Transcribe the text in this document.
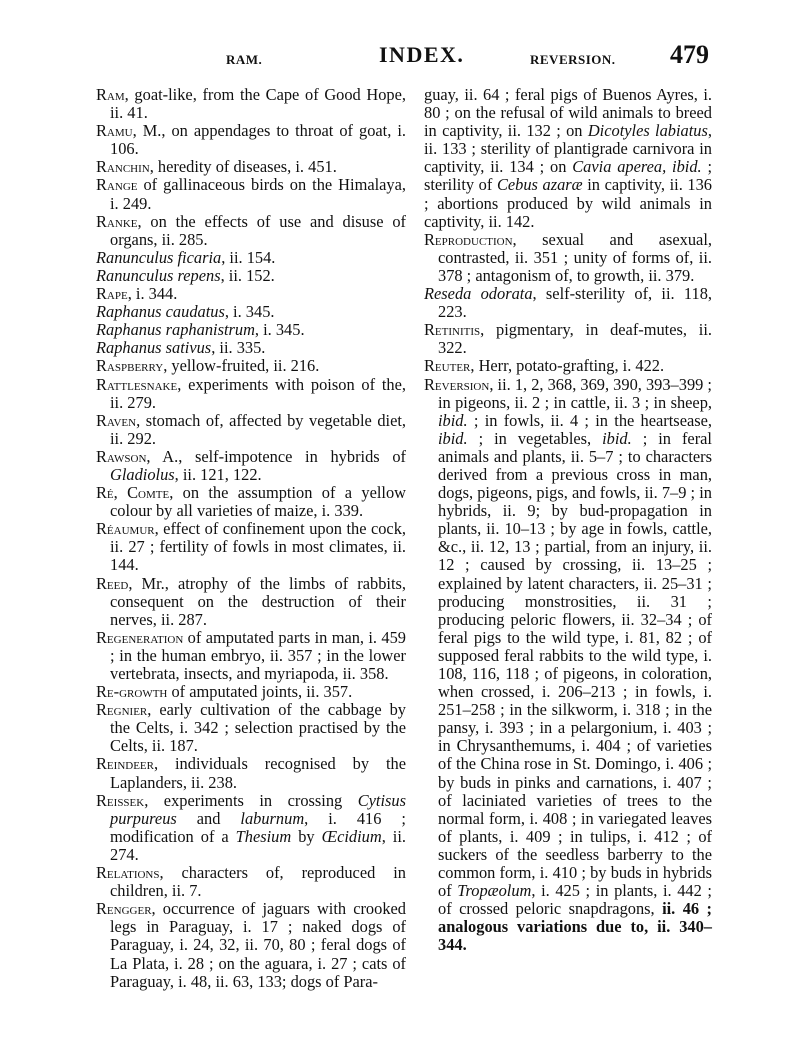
RAM.	INDEX.	REVERSION. 479

Ram, goat-like, from the Cape of Good Hope, ii. 41.

Ramu, M., on appendages to throat of goat, i. 106.

Ranchin, heredity of diseases, i. 451.

Range of gallinaceous birds on the Himalaya, i. 249.

Ranke, on the effects of use and disuse of organs, ii. 285.

Ranunculus ficaria, ii. 154.

Ranunculus repens, ii. 152.

Rape, i. 344.

Raphanus caudatus, i. 345.

Raphanus raphanistrum, i. 345.

Raphanus sativus, ii. 335.

Raspberry, yellow-fruited, ii. 216.

Rattlesnake, experiments with poison of the, ii. 279.

Raven, stomach of, affected by vegetable diet, ii. 292.

Rawson, A., self-impotence in hybrids of Gladiolus, ii. 121, 122.

Ré, Comte, on the assumption of a yellow colour by all varieties of maize, i. 339.

Réaumur, effect of confinement upon the cock, ii. 27 ; fertility of fowls in most climates, ii. 144.

Reed, Mr., atrophy of the limbs of rabbits, consequent on the destruction of their nerves, ii. 287.

Regeneration of amputated parts in man, i. 459 ; in the human embryo, ii. 357 ; in the lower vertebrata, insects, and myriapoda, ii. 358.

Re-growth of amputated joints, ii. 357.

Regnier, early cultivation of the cabbage by the Celts, i. 342 ; selection practised by the Celts, ii. 187.

Reindeer, individuals recognised by the Laplanders, ii. 238.

Reissek, experiments in crossing Cytisus purpureus and laburnum, i. 416 ; modification of a Thesium by Œcidium, ii. 274.

Relations, characters of, reproduced in children, ii. 7.

Rengger, occurrence of jaguars with crooked legs in Paraguay, i. 17 ; naked dogs of Paraguay, i. 24, 32, ii. 70, 80 ; feral dogs of La Plata, i. 28 ; on the aguara, i. 27 ; cats of Paraguay, i. 48, ii. 63, 133; dogs of Para-

guay, ii. 64 ; feral pigs of Buenos Ayres, i. 80 ; on the refusal of wild animals to breed in captivity, ii. 132 ; on Dicotyles labiatus, ii. 133 ; sterility of plantigrade carnivora in captivity, ii. 134 ; on Cavia aperea, ibid. ; sterility of Cebus azaræ in captivity, ii. 136 ; abortions produced by wild animals in captivity, ii. 142.

Reproduction, sexual and asexual, contrasted, ii. 351 ; unity of forms of, ii. 378 ; antagonism of, to growth, ii. 379.

Reseda odorata, self-sterility of, ii. 118, 223.

Retinitis, pigmentary, in deaf-mutes, ii. 322.

Reuter, Herr, potato-grafting, i. 422.

Reversion, ii. 1, 2, 368, 369, 390, 393–399 ; in pigeons, ii. 2 ; in cattle, ii. 3 ; in sheep, ibid. ; in fowls, ii. 4 ; in the heartsease, ibid. ; in vegetables, ibid. ; in feral animals and plants, ii. 5–7 ; to characters derived from a previous cross in man, dogs, pigeons, pigs, and fowls, ii. 7–9 ; in hybrids, ii. 9; by bud-propagation in plants, ii. 10–13 ; by age in fowls, cattle, &c., ii. 12, 13 ; partial, from an injury, ii. 12 ; caused by crossing, ii. 13–25 ; explained by latent characters, ii. 25–31 ; producing monstrosities, ii. 31 ; producing peloric flowers, ii. 32–34 ; of feral pigs to the wild type, i. 81, 82 ; of supposed feral rabbits to the wild type, i. 108, 116, 118 ; of pigeons, in coloration, when crossed, i. 206–213 ; in fowls, i. 251–258 ; in the silkworm, i. 318 ; in the pansy, i. 393 ; in a pelargonium, i. 403 ; in Chrysanthemums, i. 404 ; of varieties of the China rose in St. Domingo, i. 406 ; by buds in pinks and carnations, i. 407 ; of laciniated varieties of trees to the normal form, i. 408 ; in variegated leaves of plants, i. 409 ; in tulips, i. 412 ; of suckers of the seedless barberry to the common form, i. 410 ; by buds in hybrids of Tropæolum, i. 425 ; in plants, i. 442 ; of crossed peloric snapdragons, ii. 46 ; analogous variations due to, ii. 340–344.
